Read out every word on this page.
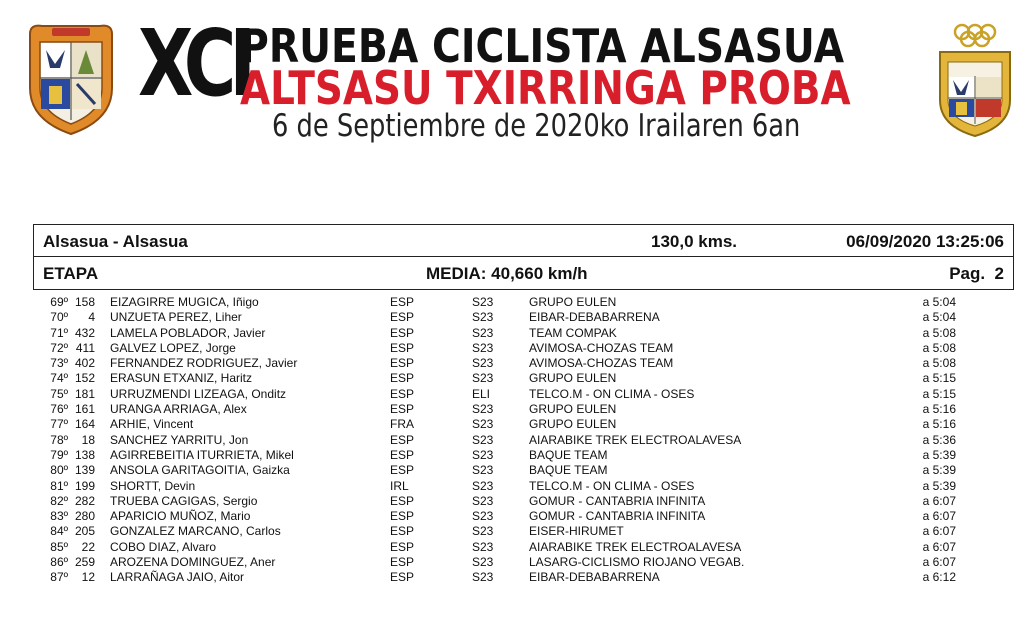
XCI
PRUEBA CICLISTA ALSASUA
ALTSASU TXIRRINGA PROBA
6 de Septiembre de 2020ko Irailaren 6an
Alsasua - Alsasua	130,0 kms.	06/09/2020 13:25:06
ETAPA	MEDIA: 40,660 km/h	Pag.  2
69º 158 EIZAGIRRE MUGICA, Iñigo	ESP	S23	GRUPO EULEN	a 5:04
70º	4 UNZUETA PEREZ, Liher	ESP	S23	EIBAR-DEBABARRENA	a 5:04
71º 432 LAMELA POBLADOR, Javier	ESP	S23	TEAM COMPAK	a 5:08
72º 411 GALVEZ LOPEZ, Jorge	ESP	S23	AVIMOSA-CHOZAS TEAM	a 5:08
73º 402 FERNANDEZ RODRIGUEZ, Javier	ESP	S23	AVIMOSA-CHOZAS TEAM	a 5:08
74º 152 ERASUN ETXANIZ, Haritz	ESP	S23	GRUPO EULEN	a 5:15
75º 181 URRUZMENDI LIZEAGA, Onditz	ESP	ELI	TELCO.M - ON CLIMA - OSES	a 5:15
76º 161 URANGA ARRIAGA, Alex	ESP	S23	GRUPO EULEN	a 5:16
77º 164 ARHIE, Vincent	FRA	S23	GRUPO EULEN	a 5:16
78º	18 SANCHEZ YARRITU, Jon	ESP	S23	AIARABIKE TREK ELECTROALAVESA	a 5:36
79º 138 AGIRREBEITIA ITURRIETA, Mikel	ESP	S23	BAQUE TEAM	a 5:39
80º 139 ANSOLA GARITAGOITIA, Gaizka	ESP	S23	BAQUE TEAM	a 5:39
81º 199 SHORTT, Devin	IRL	S23	TELCO.M - ON CLIMA - OSES	a 5:39
82º 282 TRUEBA CAGIGAS, Sergio	ESP	S23	GOMUR - CANTABRIA INFINITA	a 6:07
83º 280 APARICIO MUÑOZ, Mario	ESP	S23	GOMUR - CANTABRIA INFINITA	a 6:07
84º 205 GONZALEZ MARCANO, Carlos	ESP	S23	EISER-HIRUMET	a 6:07
85º	22 COBO DIAZ, Alvaro	ESP	S23	AIARABIKE TREK ELECTROALAVESA	a 6:07
86º 259 AROZENA DOMINGUEZ, Aner	ESP	S23	LASARG-CICLISMO RIOJANO VEGAB.	a 6:07
87º	12 LARRAÑAGA JAIO, Aitor	ESP	S23	EIBAR-DEBABARRENA	a 6:12
